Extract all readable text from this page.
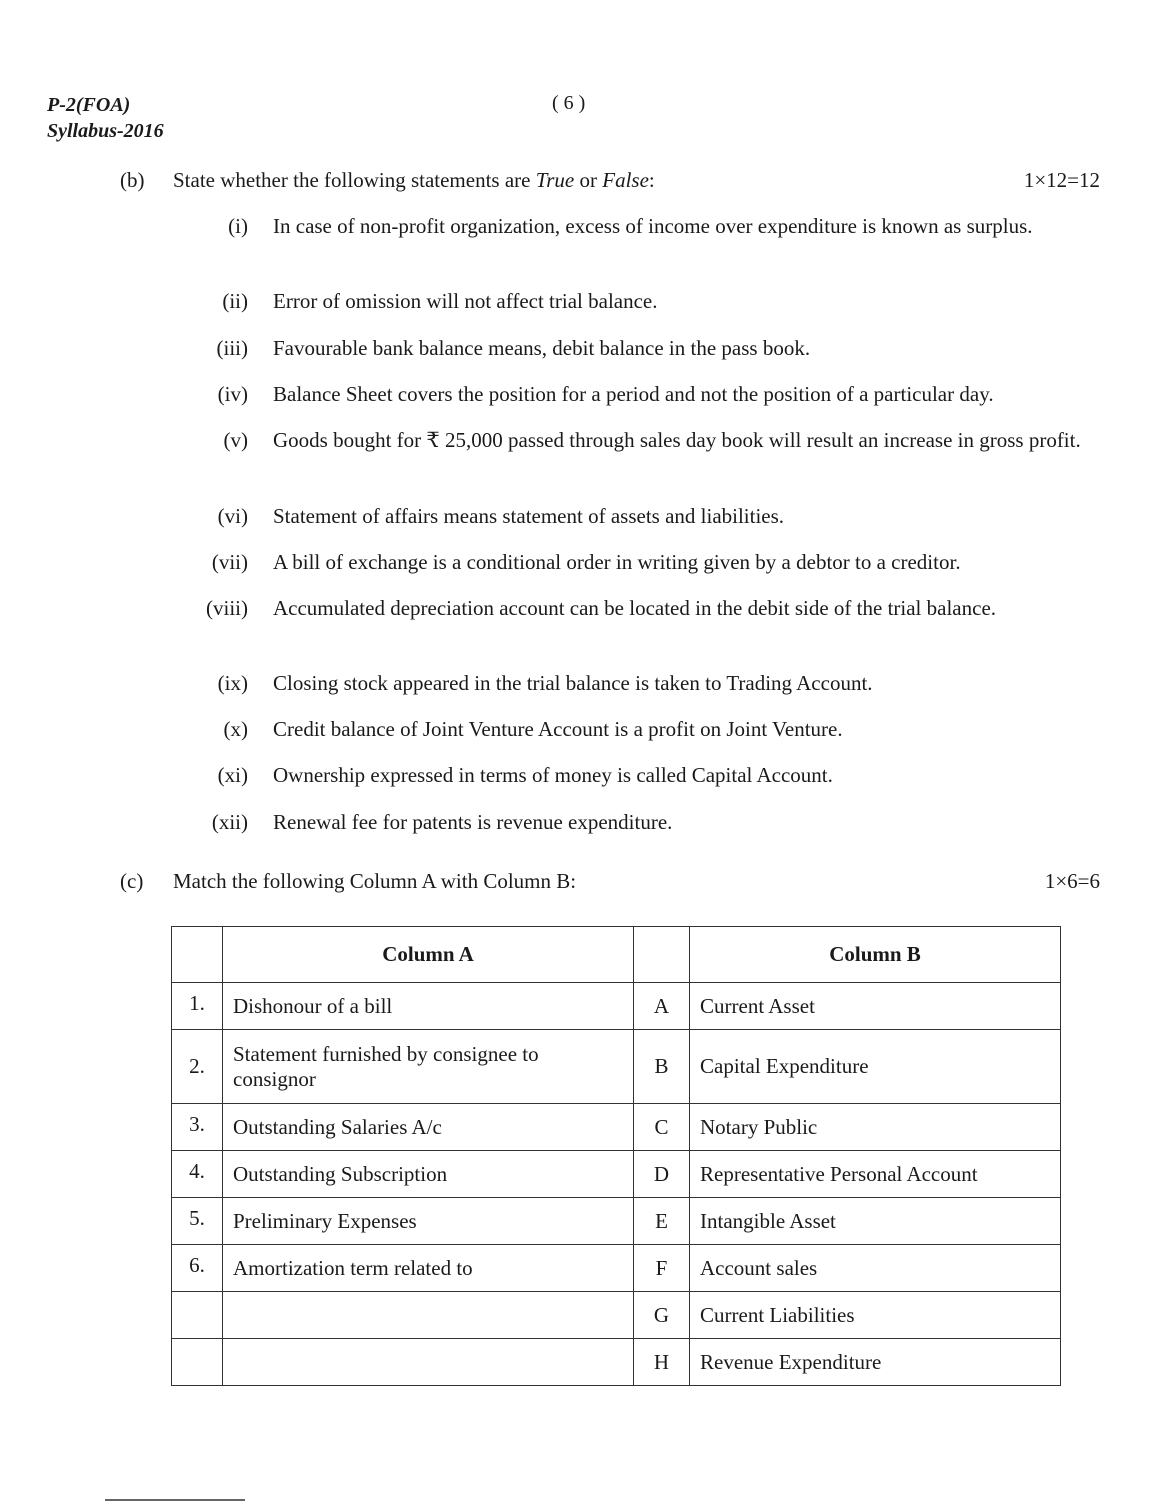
P-2(FOA)
Syllabus-2016
( 6 )
(b) State whether the following statements are True or False:	1×12=12
(i) In case of non-profit organization, excess of income over expenditure is known as surplus.
(ii) Error of omission will not affect trial balance.
(iii) Favourable bank balance means, debit balance in the pass book.
(iv) Balance Sheet covers the position for a period and not the position of a particular day.
(v) Goods bought for ₹ 25,000 passed through sales day book will result an increase in gross profit.
(vi) Statement of affairs means statement of assets and liabilities.
(vii) A bill of exchange is a conditional order in writing given by a debtor to a creditor.
(viii) Accumulated depreciation account can be located in the debit side of the trial balance.
(ix) Closing stock appeared in the trial balance is taken to Trading Account.
(x) Credit balance of Joint Venture Account is a profit on Joint Venture.
(xi) Ownership expressed in terms of money is called Capital Account.
(xii) Renewal fee for patents is revenue expenditure.
(c) Match the following Column A with Column B:	1×6=6
	Column A		Column B
1.	Dishonour of a bill	A	Current Asset
2.	Statement furnished by consignee to consignor	B	Capital Expenditure
3.	Outstanding Salaries A/c	C	Notary Public
4.	Outstanding Subscription	D	Representative Personal Account
5.	Preliminary Expenses	E	Intangible Asset
6.	Amortization term related to	F	Account sales
		G	Current Liabilities
		H	Revenue Expenditure
